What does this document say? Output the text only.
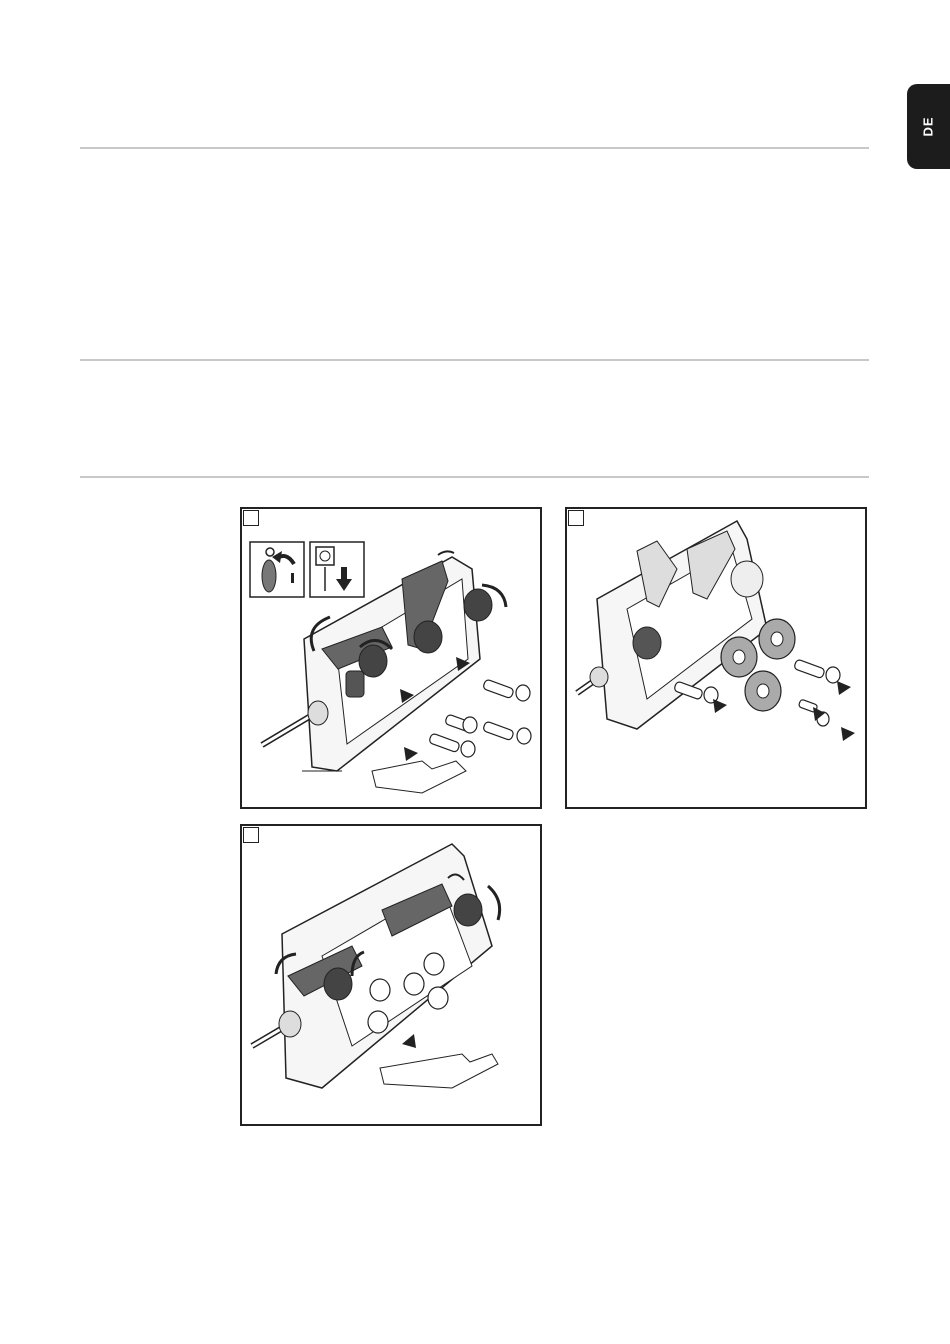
DE
